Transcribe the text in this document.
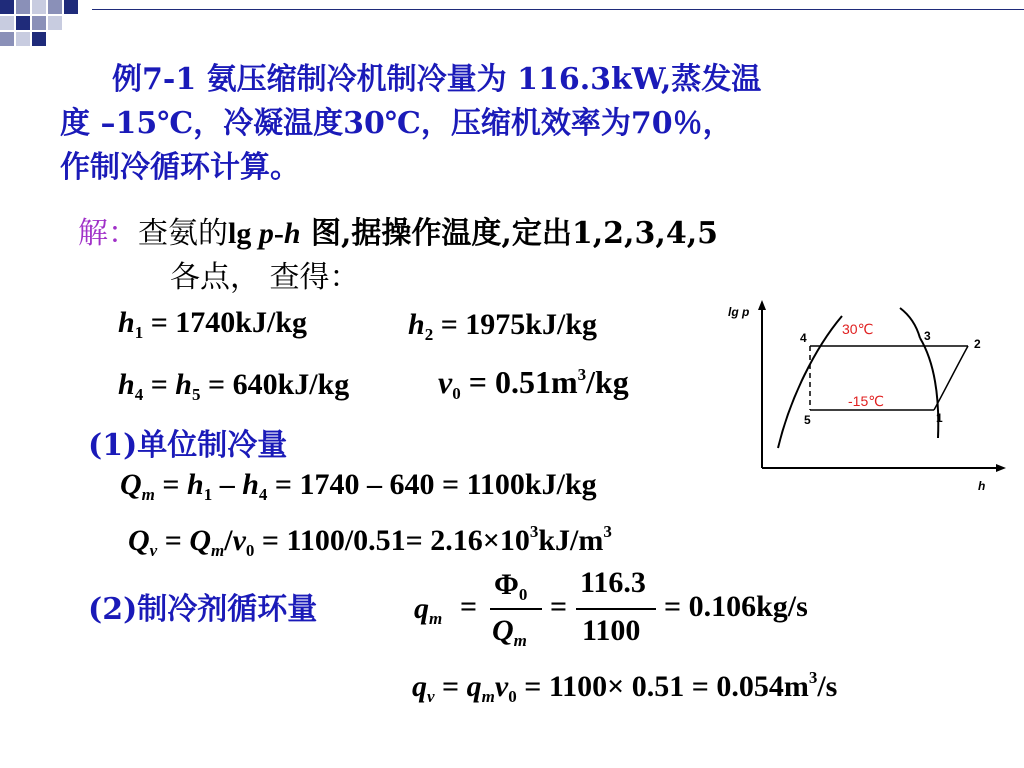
例7-1 氨压缩制冷机制冷量为 116.3kW,蒸发温
度 –15℃，冷凝温度30℃，压缩机效率为70％，
作制冷循环计算。
解：查氨的lg p-h 图,据操作温度,定出1,2,3,4,5
各点， 查得：
$h_1 = 1740kJ/kg$	$h_2 = 1975kJ/kg$
$h_4 = h_5 = 640kJ/kg$	$v_0 = 0.51m^3/kg$
(1)单位制冷量
$Q_m = h_1 - h_4 = 1740 - 640 = 1100kJ/kg$
$Q_v = Q_m/v_0 = 1100/0.51= 2.16\times 10^3kJ/m^3$
(2)制冷剂循环量	$q_m$ =
$\Phi_0$
$Q_m$
=
116.3
1100
= 0.106kg/s
$q_v = q_mv_0 = 1100\times 0.51 = 0.054m^3/s$
lg p
h
30℃
-15℃
4	3
2
5	1
